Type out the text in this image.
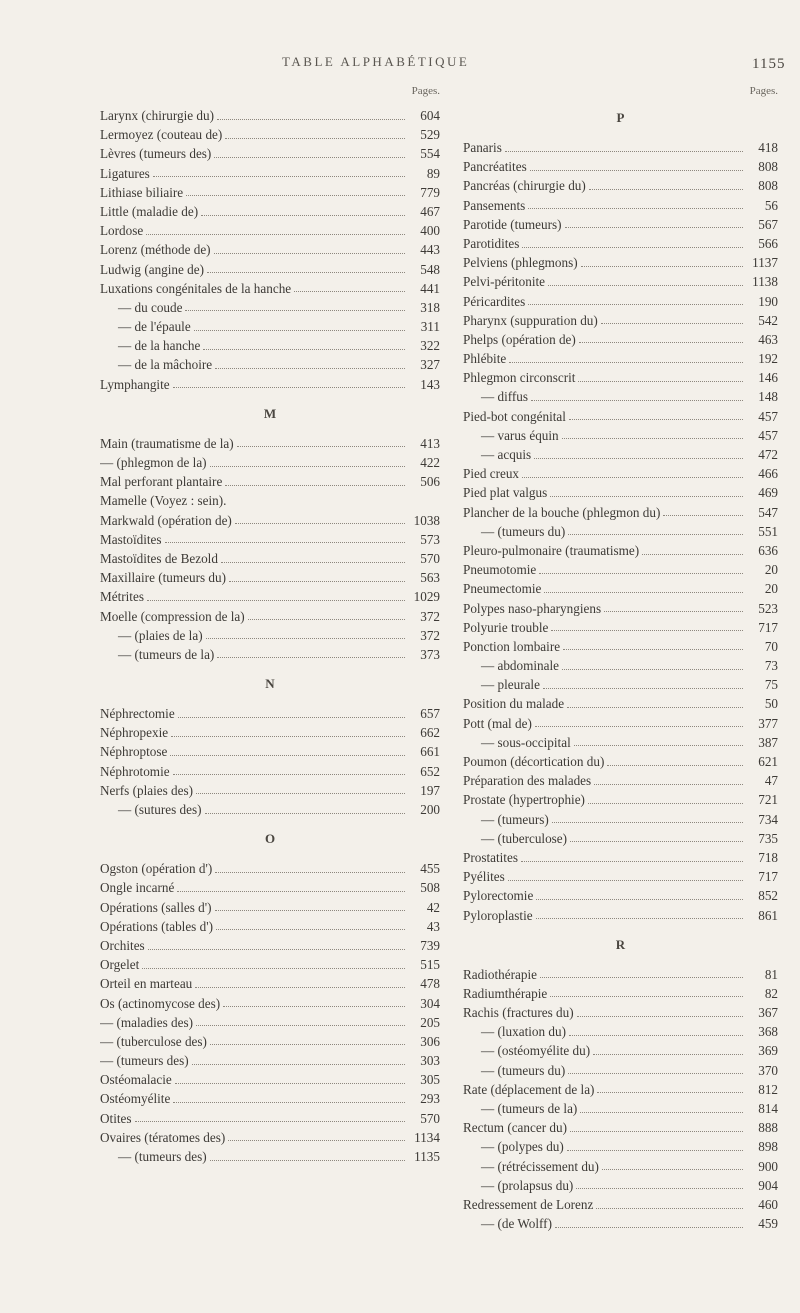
TABLE ALPHABÉTIQUE	1155
Pages.
Larynx (chirurgie du)	604
Lermoyez (couteau de)	529
Lèvres (tumeurs des)	554
Ligatures	89
Lithiase biliaire	779
Little (maladie de)	467
Lordose	400
Lorenz (méthode de)	443
Ludwig (angine de)	548
Luxations congénitales de la hanche	441
— du coude	318
— de l'épaule	311
— de la hanche	322
— de la mâchoire	327
Lymphangite	143
M
Main (traumatisme de la)	413
— (phlegmon de la)	422
Mal perforant plantaire	506
Mamelle (Voyez : sein).
Markwald (opération de)	1038
Mastoïdites	573
Mastoïdites de Bezold	570
Maxillaire (tumeurs du)	563
Métrites	1029
Moelle (compression de la)	372
— (plaies de la)	372
— (tumeurs de la)	373
N
Néphrectomie	657
Néphropexie	662
Néphroptose	661
Néphrotomie	652
Nerfs (plaies des)	197
— (sutures des)	200
O
Ogston (opération d')	455
Ongle incarné	508
Opérations (salles d')	42
Opérations (tables d')	43
Orchites	739
Orgelet	515
Orteil en marteau	478
Os (actinomycose des)	304
— (maladies des)	205
— (tuberculose des)	306
— (tumeurs des)	303
Ostéomalacie	305
Ostéomyélite	293
Otites	570
Ovaires (tératomes des)	1134
— (tumeurs des)	1135
Pages.
P
Panaris	418
Pancréatites	808
Pancréas (chirurgie du)	808
Pansements	56
Parotide (tumeurs)	567
Parotidites	566
Pelviens (phlegmons)	1137
Pelvi-péritonite	1138
Péricardites	190
Pharynx (suppuration du)	542
Phelps (opération de)	463
Phlébite	192
Phlegmon circonscrit	146
— diffus	148
Pied-bot congénital	457
— varus équin	457
— acquis	472
Pied creux	466
Pied plat valgus	469
Plancher de la bouche (phlegmon du)	547
— (tumeurs du)	551
Pleuro-pulmonaire (traumatisme)	636
Pneumotomie	20
Pneumectomie	20
Polypes naso-pharyngiens	523
Polyurie trouble	717
Ponction lombaire	70
— abdominale	73
— pleurale	75
Position du malade	50
Pott (mal de)	377
— sous-occipital	387
Poumon (décortication du)	621
Préparation des malades	47
Prostate (hypertrophie)	721
— (tumeurs)	734
— (tuberculose)	735
Prostatites	718
Pyélites	717
Pylorectomie	852
Pyloroplastie	861
R
Radiothérapie	81
Radiumthérapie	82
Rachis (fractures du)	367
— (luxation du)	368
— (ostéomyélite du)	369
— (tumeurs du)	370
Rate (déplacement de la)	812
— (tumeurs de la)	814
Rectum (cancer du)	888
— (polypes du)	898
— (rétrécissement du)	900
— (prolapsus du)	904
Redressement de Lorenz	460
— (de Wolff)	459
